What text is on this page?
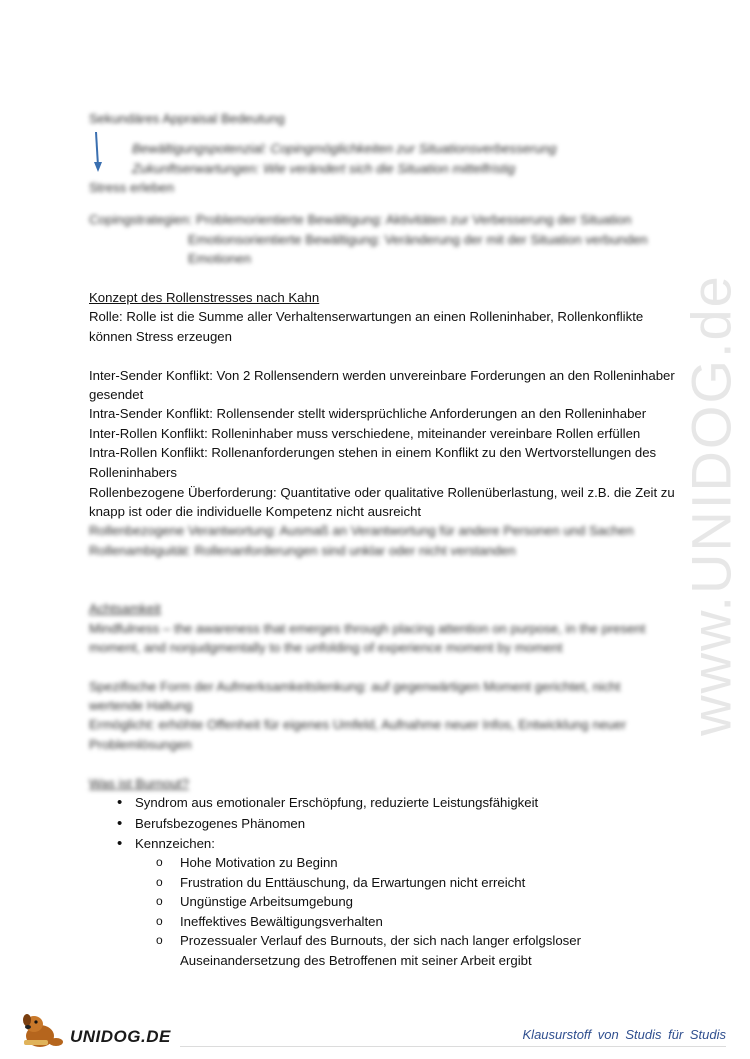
www.UNIDOG.de
Sekundäres Appraisal Bedeutung
Bewältigungspotenzial: Copingmöglichkeiten zur Situationsverbesserung
Zukunftserwartungen: Wie verändert sich die Situation mittelfristig
Stress erleben
Copingstrategien: Problemorientierte Bewältigung: Aktivitäten zur Verbesserung der Situation
Emotionsorientierte Bewältigung: Veränderung der mit der Situation verbunden
Emotionen
Konzept des Rollenstresses nach Kahn
Rolle: Rolle ist die Summe aller Verhaltenserwartungen an einen Rolleninhaber, Rollenkonflikte
können Stress erzeugen
Inter-Sender Konflikt: Von 2 Rollensendern werden unvereinbare Forderungen an den Rolleninhaber
gesendet
Intra-Sender Konflikt: Rollensender stellt widersprüchliche Anforderungen an den Rolleninhaber
Inter-Rollen Konflikt: Rolleninhaber muss verschiedene, miteinander vereinbare Rollen erfüllen
Intra-Rollen Konflikt: Rollenanforderungen stehen in einem Konflikt zu den Wertvorstellungen des
Rolleninhabers
Rollenbezogene Überforderung: Quantitative oder qualitative Rollenüberlastung, weil z.B. die Zeit zu
knapp ist oder die individuelle Kompetenz nicht ausreicht
Rollenbezogene Verantwortung: Ausmaß an Verantwortung für andere Personen und Sachen
Rollenambiguität: Rollenanforderungen sind unklar oder nicht verstanden
Achtsamkeit
Mindfulness – the awareness that emerges through placing attention on purpose, in the present
moment, and nonjudgmentally to the unfolding of experience moment by moment
Spezifische Form der Aufmerksamkeitslenkung: auf gegenwärtigen Moment gerichtet, nicht
wertende Haltung
Ermöglicht: erhöhte Offenheit für eigenes Umfeld, Aufnahme neuer Infos, Entwicklung neuer
Problemlösungen
Was ist Burnout?
• Syndrom aus emotionaler Erschöpfung, reduzierte Leistungsfähigkeit
• Berufsbezogenes Phänomen
• Kennzeichen:
o Hohe Motivation zu Beginn
o Frustration du Enttäuschung, da Erwartungen nicht erreicht
o Ungünstige Arbeitsumgebung
o Ineffektives Bewältigungsverhalten
o Prozessualer Verlauf des Burnouts, der sich nach langer erfolgsloser
Auseinandersetzung des Betroffenen mit seiner Arbeit ergibt
UNIDOG.DE	Klausurstoff von Studis für Studis
